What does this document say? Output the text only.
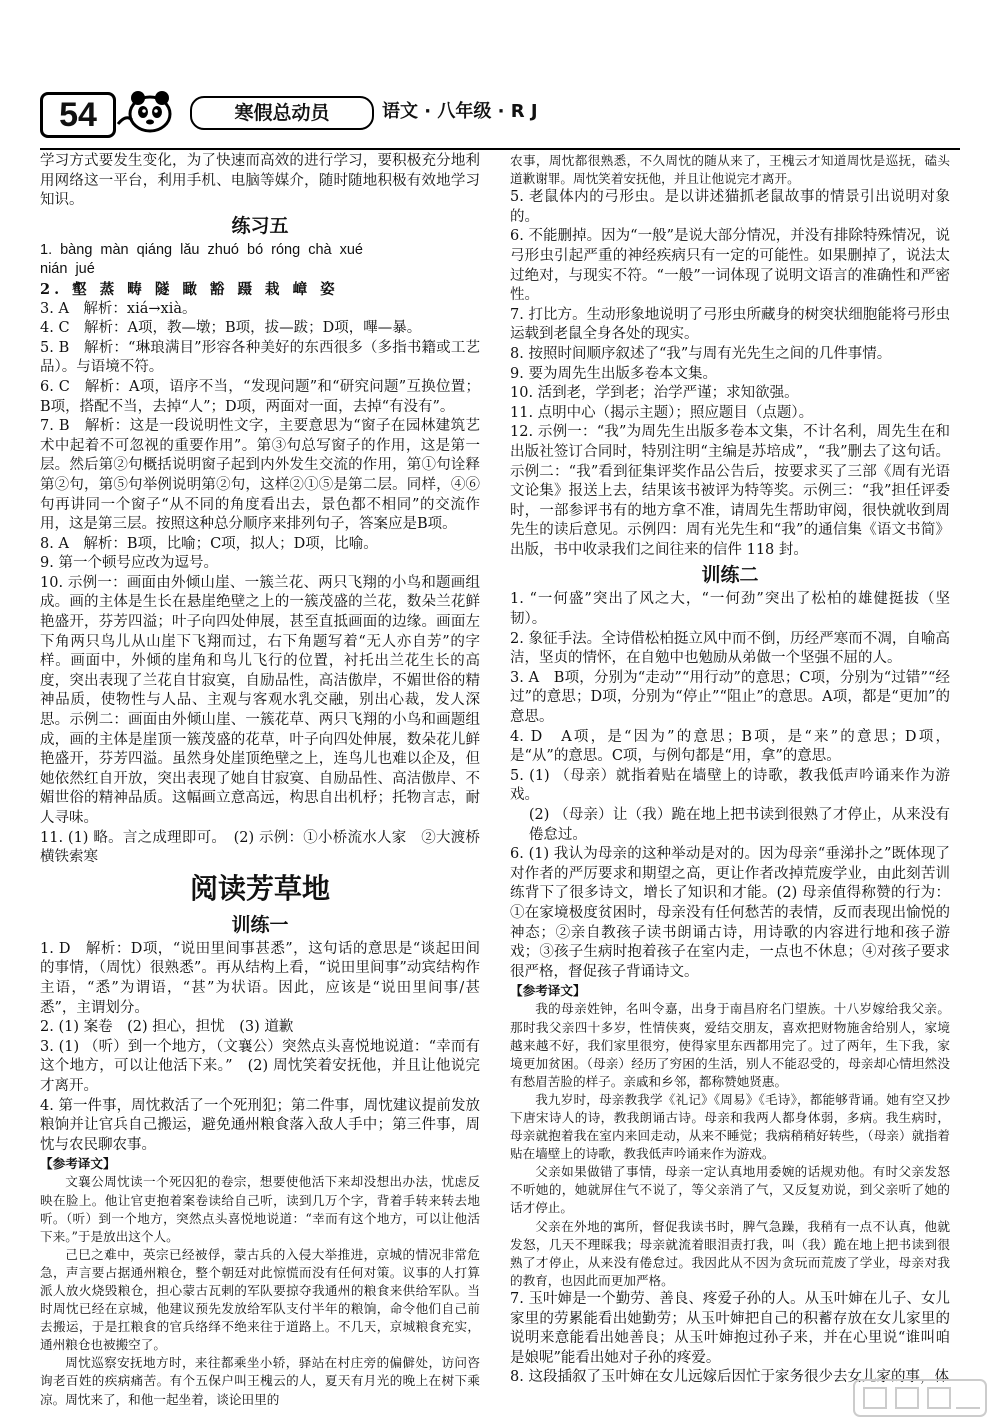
54	寒假总动员	语文 · 八年级 · R J

学习方式要发生变化，为了快速而高效的进行学习，要积极充分地利用网络这一平台，利用手机、电脑等媒介，随时随地积极有效地学习知识。

练习五

1. bàng màn qiáng lǎu zhuó bó róng chà xué

nián jué

2. 壑 蒸 畴 隧 瞰 豁 蹑 栽 嶂 姿

3. A　解析：xiá→xià。

4. C　解析：A项，教—墩；B项，拔—跋；D项，嗶—暴。

5. B　解析：“琳琅满目”形容各种美好的东西很多（多指书籍或工艺品）。与语境不符。

6. C　解析：A项，语序不当，“发现问题”和“研究问题”互换位置；B项，搭配不当，去掉“人”；D项，两面对一面，去掉“有没有”。

7. B　解析：这是一段说明性文字，主要意思为“窗子在园林建筑艺术中起着不可忽视的重要作用”。第③句总写窗子的作用，这是第一层。然后第②句概括说明窗子起到内外发生交流的作用，第①句诠释第②句，第⑤句举例说明第②句，这样②①⑤是第二层。同样，④⑥句再讲同一个窗子“从不同的角度看出去，景色都不相同”的交流作用，这是第三层。按照这种总分顺序来排列句子，答案应是B项。

8. A　解析：B项，比喻；C项，拟人；D项，比喻。

9. 第一个顿号应改为逗号。

10. 示例一：画面由外倾山崖、一簇兰花、两只飞翔的小鸟和题画组成。画的主体是生长在悬崖绝壁之上的一簇茂盛的兰花，数朵兰花鲜艳盛开，芬芳四溢；叶子向四处伸展，甚至直抵画面的边缘。画面左下角两只鸟儿从山崖下飞翔而过，右下角题写着“无人亦自芳”的字样。画面中，外倾的崖角和鸟儿飞行的位置，衬托出兰花生长的高度，突出表现了兰花自甘寂寞，自励品性，高洁傲岸，不媚世俗的精神品质，使物性与人品、主观与客观水乳交融，别出心裁，发人深思。示例二：画面由外倾山崖、一簇花草、两只飞翔的小鸟和画题组成，画的主体是崖顶一簇茂盛的花草，叶子向四处伸展，数朵花儿鲜艳盛开，芬芳四溢。虽然身处崖顶绝壁之上，连鸟儿也难以企及，但她依然红自开放，突出表现了她自甘寂寞、自励品性、高洁傲岸、不媚世俗的精神品质。这幅画立意高远，构思自出机杼；托物言志，耐人寻味。

11. (1) 略。言之成理即可。　(2) 示例：①小桥流水人家　②大渡桥横铁索寒

阅读芳草地

训练一

1. D　解析：D项，“说田里间事甚悉”，这句话的意思是“谈起田间的事情，（周忱）很熟悉”。再从结构上看，“说田里间事”动宾结构作主语，“悉”为谓语，“甚”为状语。因此，应该是“说田里间事/甚悉”，主谓划分。

2. (1) 案卷　(2) 担心，担忧　(3) 道歉

3. (1) （听）到一个地方，（文襄公）突然点头喜悦地说道：“幸而有这个地方，可以让他活下来。”　(2) 周忱笑着安抚他，并且让他说完才离开。

4. 第一件事，周忱救活了一个死刑犯；第二件事，周忱建议提前发放粮饷并让官兵自己搬运，避免通州粮食落入敌人手中；第三件事，周忱与农民聊农事。

【参考译文】

文襄公周忱读一个死囚犯的卷宗，想要使他活下来却没想出办法，忧虑反映在脸上。他让官吏抱着案卷读给自己听，读到几万个字，背着手转来转去地听。（听）到一个地方，突然点头喜悦地说道：“幸而有这个地方，可以让他活下来。”于是放出这个人。

己巳之难中，英宗已经被俘，蒙古兵的入侵大举推进，京城的情况非常危急，声言要占据通州粮仓，整个朝廷对此惊慌而没有任何对策。议事的人打算派人放火烧毁粮仓，担心蒙古瓦剌的军队要掠夺我通州的粮食来供给军队。当时周忱已经在京城，他建议预先发放给军队支付半年的粮饷，命令他们自己前去搬运，于是扛粮食的官兵络绎不绝来往于道路上。不几天，京城粮食充实，通州粮仓也被搬空了。

周忱巡察安抚地方时，来往都乘坐小轿，驿站在村庄旁的偏僻处，访问咨询老百姓的疾病痛苦。有个五保户叫王槐云的人，夏天有月光的晚上在树下乘凉。周忱来了，和他一起坐着，谈论田里的

农事，周忱都很熟悉，不久周忱的随从来了，王槐云才知道周忱是巡抚，磕头道歉谢罪。周忱笑着安抚他，并且让他说完才离开。

5. 老鼠体内的弓形虫。是以讲述猫抓老鼠故事的情景引出说明对象的。

6. 不能删掉。因为“一般”是说大部分情况，并没有排除特殊情况，说弓形虫引起严重的神经疾病只有一定的可能性。如果删掉了，说法太过绝对，与现实不符。“一般”一词体现了说明文语言的准确性和严密性。

7. 打比方。生动形象地说明了弓形虫所藏身的树突状细胞能将弓形虫运载到老鼠全身各处的现实。

8. 按照时间顺序叙述了“我”与周有光先生之间的几件事情。

9. 要为周先生出版多卷本文集。

10. 活到老，学到老；治学严谨；求知欲强。

11. 点明中心（揭示主题）；照应题目（点题）。

12. 示例一：“我”为周先生出版多卷本文集，不计名利，周先生在和出版社签订合同时，特别注明“主编是苏培成”，“我”删去了这句话。示例二：“我”看到征集评奖作品公告后，按要求买了三部《周有光语文论集》报送上去，结果该书被评为特等奖。示例三：“我”担任评委时，一部参评书有的地方拿不准，请周先生帮助审阅，很快就收到周先生的读后意见。示例四：周有光先生和“我”的通信集《语文书简》出版，书中收录我们之间往来的信件 118 封。

训练二

1. “一何盛”突出了风之大，“一何劲”突出了松柏的雄健挺拔（坚韧）。

2. 象征手法。全诗借松柏挺立风中而不倒，历经严寒而不凋，自喻高洁，坚贞的情怀，在自勉中也勉励从弟做一个坚强不屈的人。

3. A　B项，分别为“走动”“用行动”的意思；C项，分别为“过错”“经过”的意思；D项，分别为“停止”“阻止”的意思。A项，都是“更加”的意思。

4. D　A项，是“因为”的意思；B项，是“来”的意思；D项，是“从”的意思。C项，与例句都是“用，拿”的意思。

5. (1) （母亲）就指着贴在墙壁上的诗歌，教我低声吟诵来作为游戏。

(2) （母亲）让（我）跪在地上把书读到很熟了才停止，从来没有倦怠过。

6. (1) 我认为母亲的这种举动是对的。因为母亲“垂涕扑之”既体现了对作者的严厉要求和期望之高，更让作者改掉荒废学业，由此刻苦训练背下了很多诗文，增长了知识和才能。(2) 母亲值得称赞的行为：①在家境极度贫困时，母亲没有任何愁苦的表情，反而表现出愉悦的神态；②亲自教孩子读书朗诵古诗，用诗歌的内容进行地和孩子游戏；③孩子生病时抱着孩子在室内走，一点也不休息；④对孩子要求很严格，督促孩子背诵诗文。

【参考译文】

我的母亲姓钟，名叫令嘉，出身于南昌府名门望族。十八岁嫁给我父亲。那时我父亲四十多岁，性情侠爽，爱结交朋友，喜欢把财物施舍给别人，家境越来越不好，我们家里很穷，使得家里东西都用完了。过了两年，生下我，家境更加贫困。（母亲）经历了穷困的生活，别人不能忍受的，母亲却心情坦然没有愁眉苦脸的样子。亲戚和乡邻，都称赞她贤惠。

我九岁时，母亲教我学《礼记》《周易》《毛诗》，都能够背诵。她有空又抄下唐宋诗人的诗，教我朗诵古诗。母亲和我两人都身体弱，多病。我生病时，母亲就抱着我在室内来回走动，从来不睡觉；我病稍稍好转些，（母亲）就指着贴在墙壁上的诗歌，教我低声吟诵来作为游戏。

父亲如果做错了事情，母亲一定认真地用委婉的话规劝他。有时父亲发怒不听她的，她就屏住气不说了，等父亲消了气，又反复劝说，到父亲听了她的话才停止。

父亲在外地的寓所，督促我读书时，脾气急躁，我稍有一点不认真，他就发怒，几天不理睬我；母亲就流着眼泪责打我，叫（我）跪在地上把书读到很熟了才停止，从来没有倦怠过。我因此从不因为贪玩而荒废了学业，母亲对我的教育，也因此而更加严格。

7. 玉叶婶是一个勤劳、善良、疼爱子孙的人。从玉叶婶在儿子、女儿家里的劳累能看出她勤劳；从玉叶婶把自己的积蓄存放在女儿家里的说明来意能看出她善良；从玉叶婶抱过孙子来，并在心里说“谁叫咱是娘呢”能看出她对子孙的疼爱。

8. 这段插叙了玉叶婶在女儿远嫁后因忙于家务很少去女儿家的事，体
